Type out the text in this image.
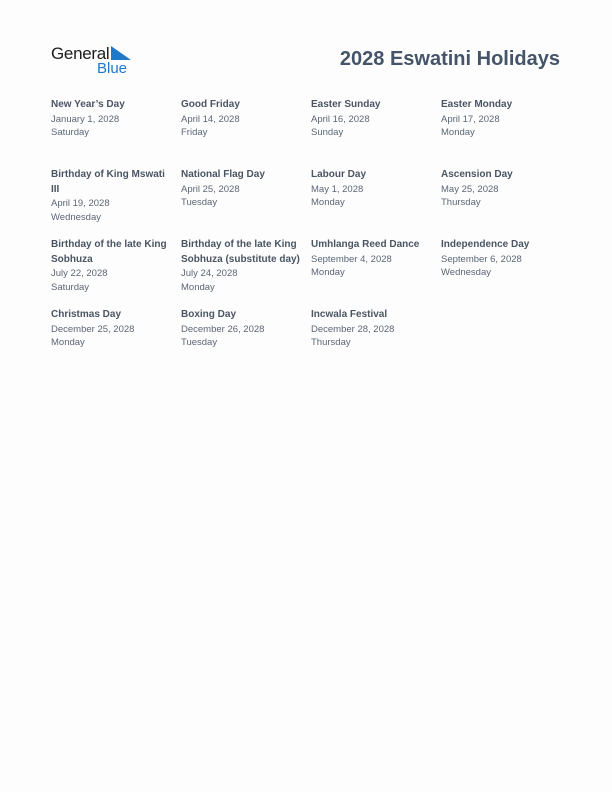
General
Blue	2028 Eswatini Holidays
New Year’s Day
January 1, 2028
Saturday
Good Friday
April 14, 2028
Friday
Easter Sunday
April 16, 2028
Sunday
Easter Monday
April 17, 2028
Monday
Birthday of King Mswati III
April 19, 2028
Wednesday
National Flag Day
April 25, 2028
Tuesday
Labour Day
May 1, 2028
Monday
Ascension Day
May 25, 2028
Thursday
Birthday of the late King Sobhuza
July 22, 2028
Saturday
Birthday of the late King Sobhuza (substitute day)
July 24, 2028
Monday
Umhlanga Reed Dance
September 4, 2028
Monday
Independence Day
September 6, 2028
Wednesday
Christmas Day
December 25, 2028
Monday
Boxing Day
December 26, 2028
Tuesday
Incwala Festival
December 28, 2028
Thursday
